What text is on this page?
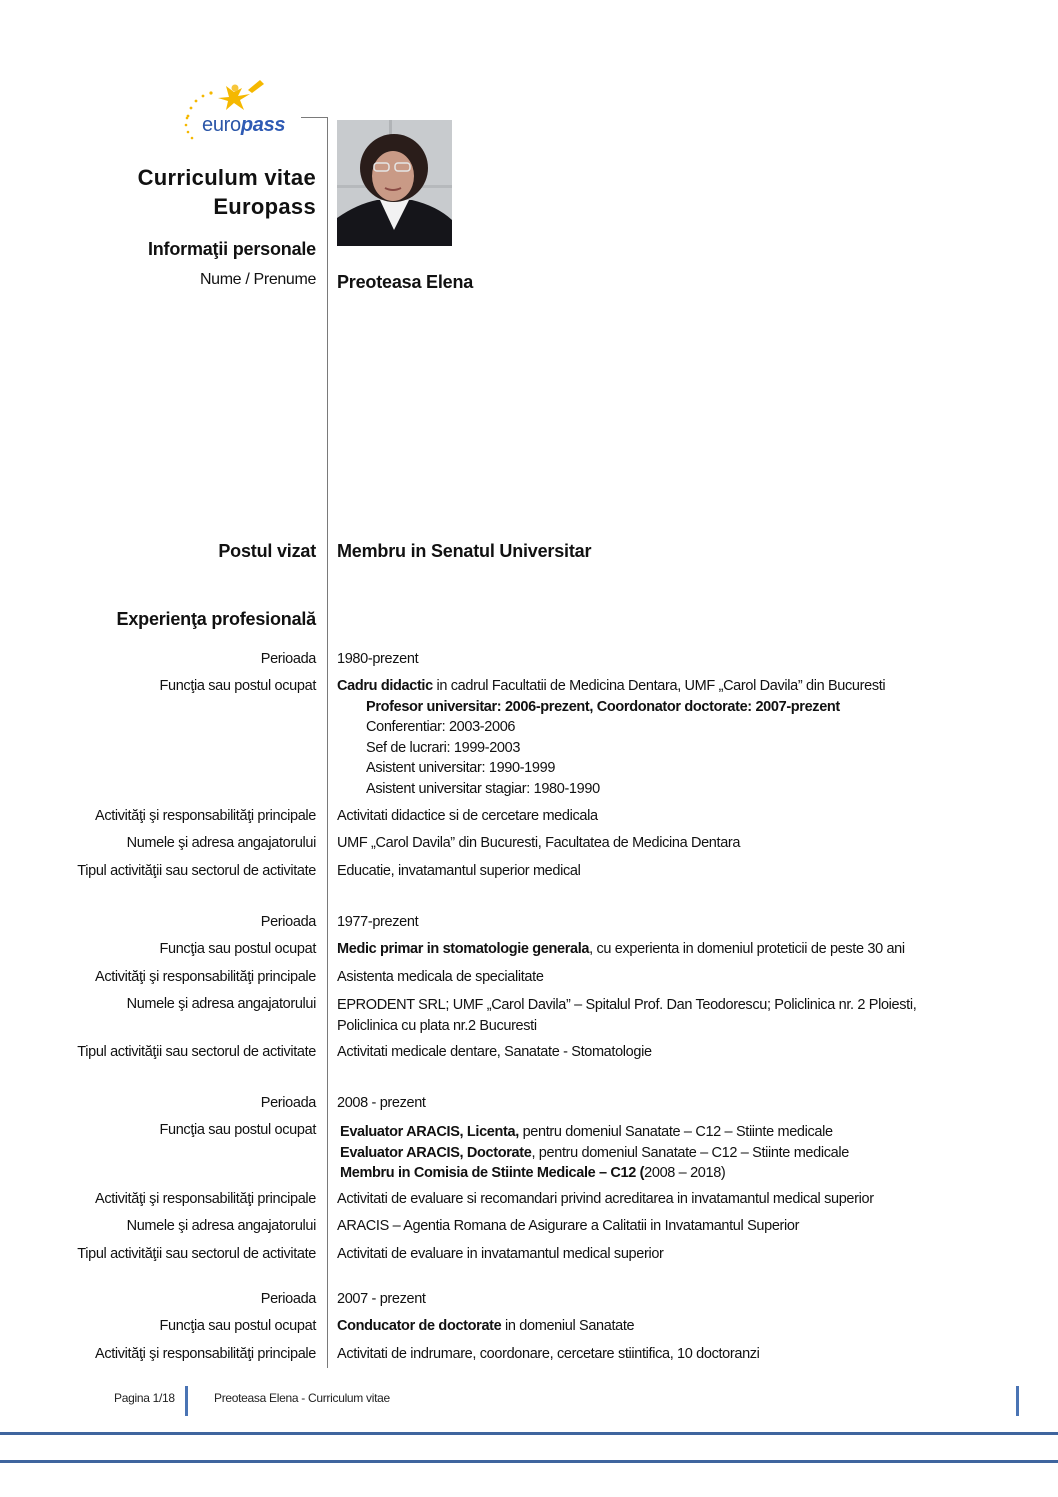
europass
Curriculum vitae
Europass
Informaţii personale
Nume / Prenume Preoteasa Elena
Postul vizat Membru in Senatul Universitar
Experienţa profesională
Perioada 1980-prezent
Funcţia sau postul ocupat Cadru didactic in cadrul Facultatii de Medicina Dentara, UMF „Carol Davila” din Bucuresti
Profesor universitar: 2006-prezent, Coordonator doctorate: 2007-prezent
Conferentiar: 2003-2006
Sef de lucrari: 1999-2003
Asistent universitar: 1990-1999
Asistent universitar stagiar: 1980-1990
Activităţi şi responsabilităţi principale Activitati didactice si de cercetare medicala
Numele şi adresa angajatorului UMF „Carol Davila” din Bucuresti, Facultatea de Medicina Dentara
Tipul activităţii sau sectorul de activitate Educatie, invatamantul superior medical
Perioada 1977-prezent
Funcţia sau postul ocupat Medic primar in stomatologie generala, cu experienta in domeniul proteticii de peste 30 ani
Activităţi şi responsabilităţi principale Asistenta medicala de specialitate
Numele şi adresa angajatorului EPRODENT SRL; UMF „Carol Davila” – Spitalul Prof. Dan Teodorescu; Policlinica nr. 2 Ploiesti,
Policlinica cu plata nr.2 Bucuresti
Tipul activităţii sau sectorul de activitate Activitati medicale dentare, Sanatate - Stomatologie
Perioada 2008 - prezent
Funcţia sau postul ocupat Evaluator ARACIS, Licenta, pentru domeniul Sanatate – C12 – Stiinte medicale
Evaluator ARACIS, Doctorate, pentru domeniul Sanatate – C12 – Stiinte medicale
Membru in Comisia de Stiinte Medicale – C12 (2008 – 2018)
Activităţi şi responsabilităţi principale Activitati de evaluare si recomandari privind acreditarea in invatamantul medical superior
Numele şi adresa angajatorului ARACIS – Agentia Romana de Asigurare a Calitatii in Invatamantul Superior
Tipul activităţii sau sectorul de activitate Activitati de evaluare in invatamantul medical superior
Perioada 2007 - prezent
Funcţia sau postul ocupat Conducator de doctorate in domeniul Sanatate
Activităţi şi responsabilităţi principale Activitati de indrumare, coordonare, cercetare stiintifica, 10 doctoranzi
Pagina 1/18	Preoteasa Elena - Curriculum vitae
